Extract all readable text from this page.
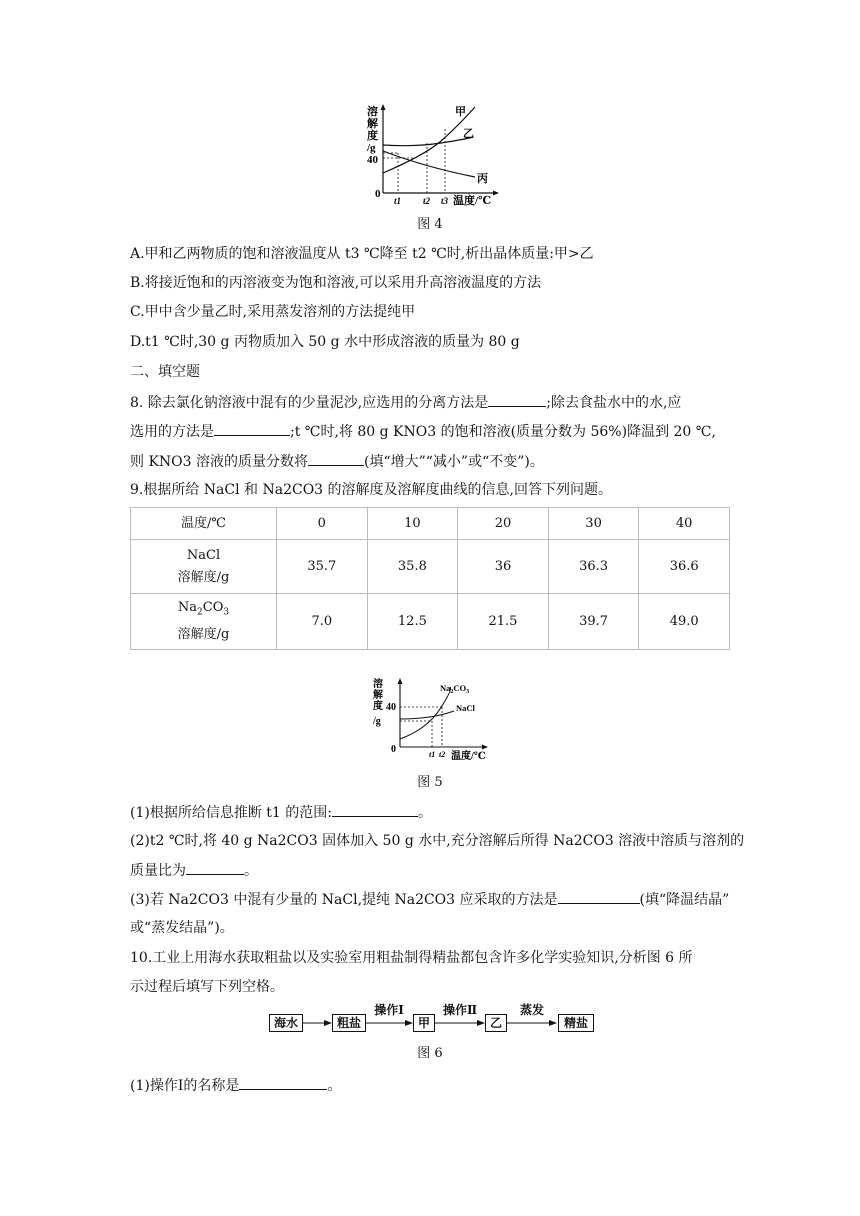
溶
解
度
/g
40
0
甲
乙
丙
t1 t2 t3 温度/℃
图 4
A.甲和乙两物质的饱和溶液温度从 t3 ℃降至 t2 ℃时,析出晶体质量:甲>乙
B.将接近饱和的丙溶液变为饱和溶液,可以采用升高溶液温度的方法
C.甲中含少量乙时,采用蒸发溶剂的方法提纯甲
D.t1 ℃时,30 g 丙物质加入 50 g 水中形成溶液的质量为 80 g
二、填空题
8. 除去氯化钠溶液中混有的少量泥沙,应选用的分离方法是	;除去食盐水中的水,应
选用的方法是	;t ℃时,将 80 g KNO3 的饱和溶液(质量分数为 56%)降温到 20 ℃,
则 KNO3 溶液的质量分数将	(填“增大”“减小”或“不变”)。
9.根据所给 NaCl 和 Na2CO3 的溶解度及溶解度曲线的信息,回答下列问题。
温度/℃	0	10	20	30	40

NaCl
溶解度/g	35.7	35.8	36	36.3	36.6

$Na_2CO_3$
溶解度/g	7.0	12.5	21.5	39.7	49.0
溶
解
度 40
/g
0
$Na_2CO_3$
NaCl
t1 t2 温度/℃
图 5
(1)根据所给信息推断 t1 的范围:	。
(2)t2 ℃时,将 40 g Na2CO3 固体加入 50 g 水中,充分溶解后所得 Na2CO3 溶液中溶质与溶剂的
质量比为	。
(3)若 Na2CO3 中混有少量的 NaCl,提纯 Na2CO3 应采取的方法是	(填“降温结晶”
或“蒸发结晶”)。
10.工业上用海水获取粗盐以及实验室用粗盐制得精盐都包含许多化学实验知识,分析图 6 所
示过程后填写下列空格。
海水	粗盐
操作Ⅰ
甲
操作Ⅱ
乙
蒸发
精盐
图 6
(1)操作Ⅰ的名称是	。
